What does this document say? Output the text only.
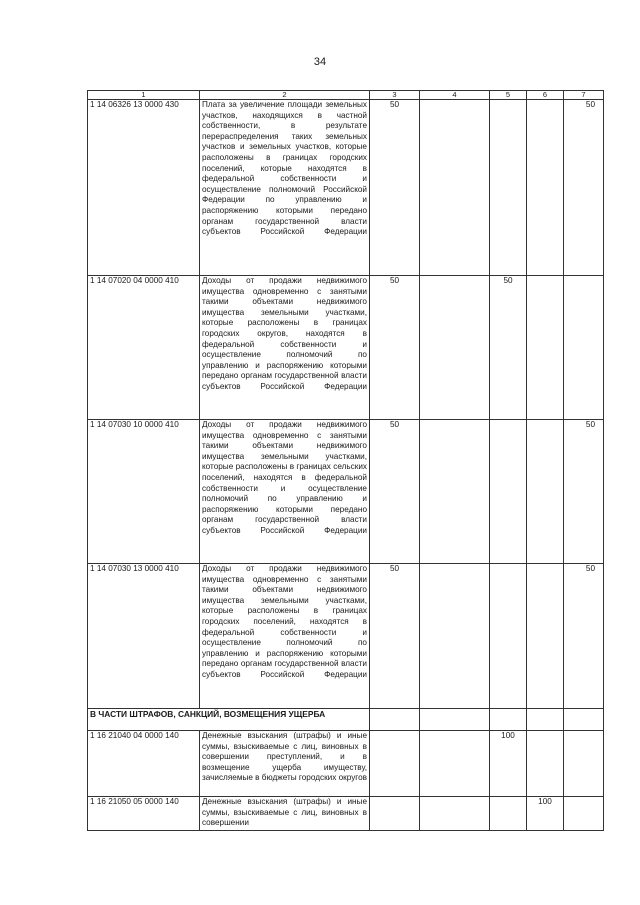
34
1	2	3	4	5	6	7
1 14 06326 13 0000 430	Плата за увеличение площади земельных участков, находящихся в частной собственности, в результате перераспределения таких земельных участков и земельных участков, которые расположены в границах городских поселений, которые находятся в федеральной собственности и осуществление полномочий Российской Федерации по управлению и распоряжению которыми передано органам государственной власти субъектов Российской Федерации	50				50
1 14 07020 04 0000 410	Доходы от продажи недвижимого имущества одновременно с занятыми такими объектами недвижимого имущества земельными участками, которые расположены в границах городских округов, находятся в федеральной собственности и осуществление полномочий по управлению и распоряжению которыми передано органам государственной власти субъектов Российской Федерации	50		50		
1 14 07030 10 0000 410	Доходы от продажи недвижимого имущества одновременно с занятыми такими объектами недвижимого имущества земельными участками, которые расположены в границах сельских поселений, находятся в федеральной собственности и осуществление полномочий по управлению и распоряжению которыми передано органам государственной власти субъектов Российской Федерации	50				50
1 14 07030 13 0000 410	Доходы от продажи недвижимого имущества одновременно с занятыми такими объектами недвижимого имущества земельными участками, которые расположены в границах городских поселений, находятся в федеральной собственности и осуществление полномочий по управлению и распоряжению которыми передано органам государственной власти субъектов Российской Федерации	50				50
В ЧАСТИ ШТРАФОВ, САНКЦИЙ, ВОЗМЕЩЕНИЯ УЩЕРБА						
1 16 21040 04 0000 140	Денежные взыскания (штрафы) и иные суммы, взыскиваемые с лиц, виновных в совершении преступлений, и в возмещение ущерба имуществу, зачисляемые в бюджеты городских округов			100		
1 16 21050 05 0000 140	Денежные взыскания (штрафы) и иные суммы, взыскиваемые с лиц, виновных в совершении				100	
